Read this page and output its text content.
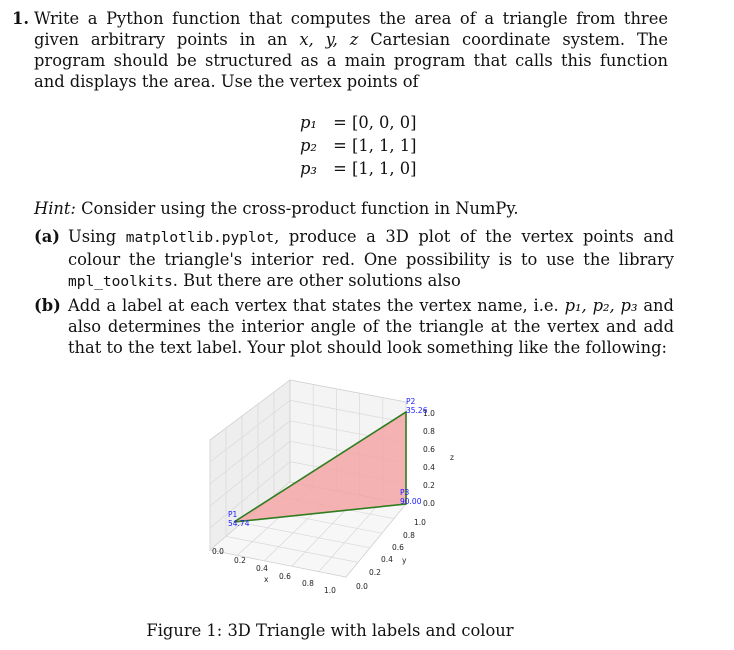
1. Write a Python function that computes the area of a triangle from three given arbitrary points in an x, y, z Cartesian coordinate system. The program should be structured as a main program that calls this function and displays the area. Use the vertex points of
p₁ = [0, 0, 0]
p₂ = [1, 1, 1]
p₃ = [1, 1, 0]
Hint: Consider using the cross-product function in NumPy.
(a) Using matplotlib.pyplot, produce a 3D plot of the vertex points and colour the triangle's interior red. One possibility is to use the library mpl_toolkits. But there are other solutions also
(b) Add a label at each vertex that states the vertex name, i.e. p₁, p₂, p₃ and also determines the interior angle of the triangle at the vertex and add that to the text label. Your plot should look something like the following:
P1
54.74
P2
35.26
P3
90.00
1.0
0.8
0.6
0.4
0.2
0.0
z
1.0
0.8
0.6
0.4
0.2
0.0
y
0.0
0.2
0.4
0.6
0.8
1.0
x
Figure 1: 3D Triangle with labels and colour
